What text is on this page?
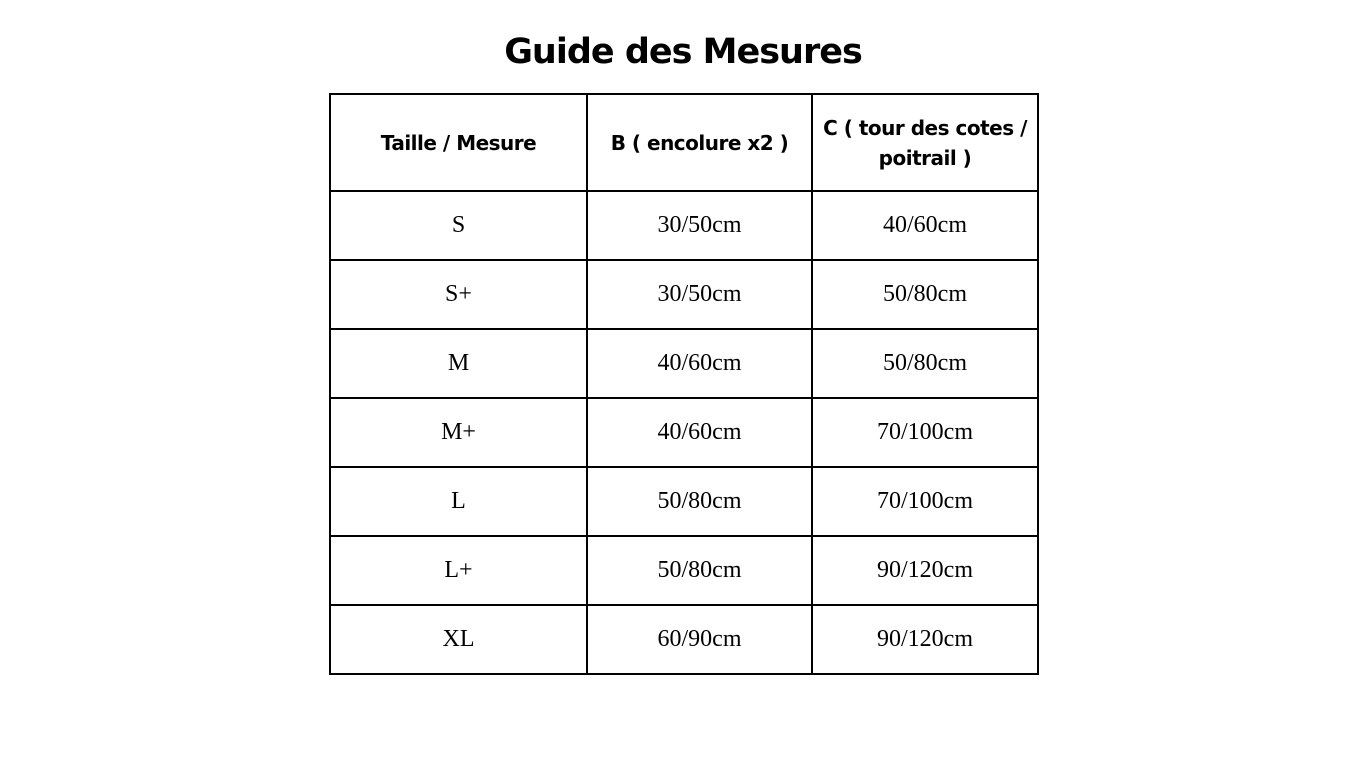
Guide des Mesures
Taille / Mesure	B ( encolure x2 )	C ( tour des cotes / poitrail )
S	30/50cm	40/60cm
S+	30/50cm	50/80cm
M	40/60cm	50/80cm
M+	40/60cm	70/100cm
L	50/80cm	70/100cm
L+	50/80cm	90/120cm
XL	60/90cm	90/120cm
